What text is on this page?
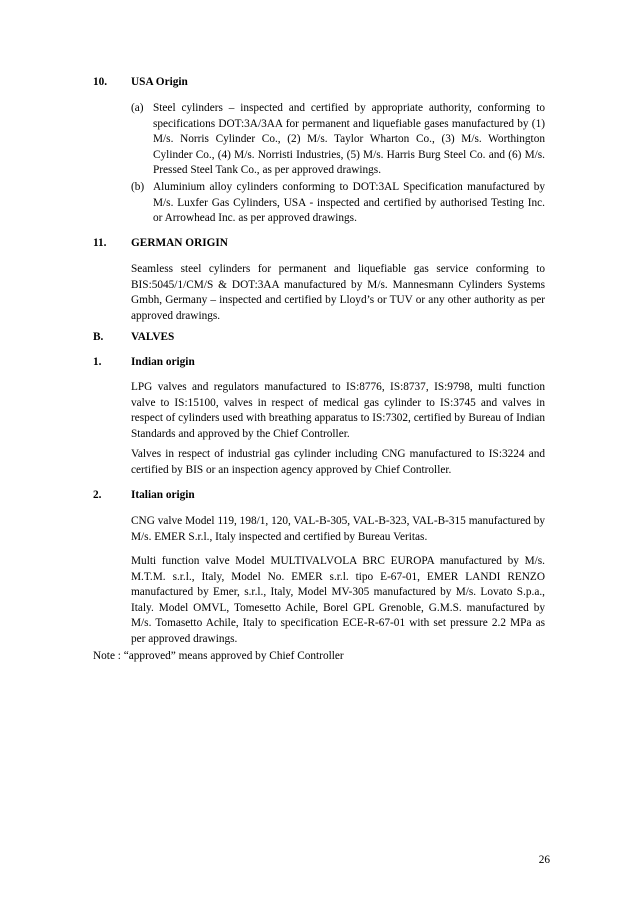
10. USA Origin
(a) Steel cylinders – inspected and certified by appropriate authority, conforming to specifications DOT:3A/3AA for permanent and liquefiable gases manufactured by (1) M/s. Norris Cylinder Co., (2) M/s. Taylor Wharton Co., (3) M/s. Worthington Cylinder Co., (4) M/s. Norristi Industries, (5) M/s. Harris Burg Steel Co. and (6) M/s. Pressed Steel Tank Co., as per approved drawings.
(b) Aluminium alloy cylinders conforming to DOT:3AL Specification manufactured by M/s. Luxfer Gas Cylinders, USA - inspected and certified by authorised Testing Inc. or Arrowhead Inc. as per approved drawings.
11. GERMAN ORIGIN
Seamless steel cylinders for permanent and liquefiable gas service conforming to BIS:5045/1/CM/S & DOT:3AA manufactured by M/s. Mannesmann Cylinders Systems Gmbh, Germany – inspected and certified by Lloyd’s or TUV or any other authority as per approved drawings.
B. VALVES
1.	Indian origin
LPG valves and regulators manufactured to IS:8776, IS:8737, IS:9798, multi function valve to IS:15100, valves in respect of medical gas cylinder to IS:3745 and valves in respect of cylinders used with breathing apparatus to IS:7302, certified by Bureau of Indian Standards and approved by the Chief Controller.
Valves in respect of industrial gas cylinder including CNG manufactured to IS:3224 and certified by BIS or an inspection agency approved by Chief Controller.
2.	Italian origin
CNG valve Model 119, 198/1, 120, VAL-B-305, VAL-B-323, VAL-B-315 manufactured by M/s. EMER S.r.l., Italy inspected and certified by Bureau Veritas.
Multi function valve Model MULTIVALVOLA BRC EUROPA manufactured by M/s. M.T.M. s.r.l., Italy, Model No. EMER s.r.l. tipo E-67-01, EMER LANDI RENZO manufactured by Emer, s.r.l., Italy, Model MV-305 manufactured by M/s. Lovato S.p.a., Italy. Model OMVL, Tomesetto Achile, Borel GPL Grenoble, G.M.S. manufactured by M/s. Tomasetto Achile, Italy to specification ECE-R-67-01 with set pressure 2.2 MPa as per approved drawings.
Note : “approved” means approved by Chief Controller
26
